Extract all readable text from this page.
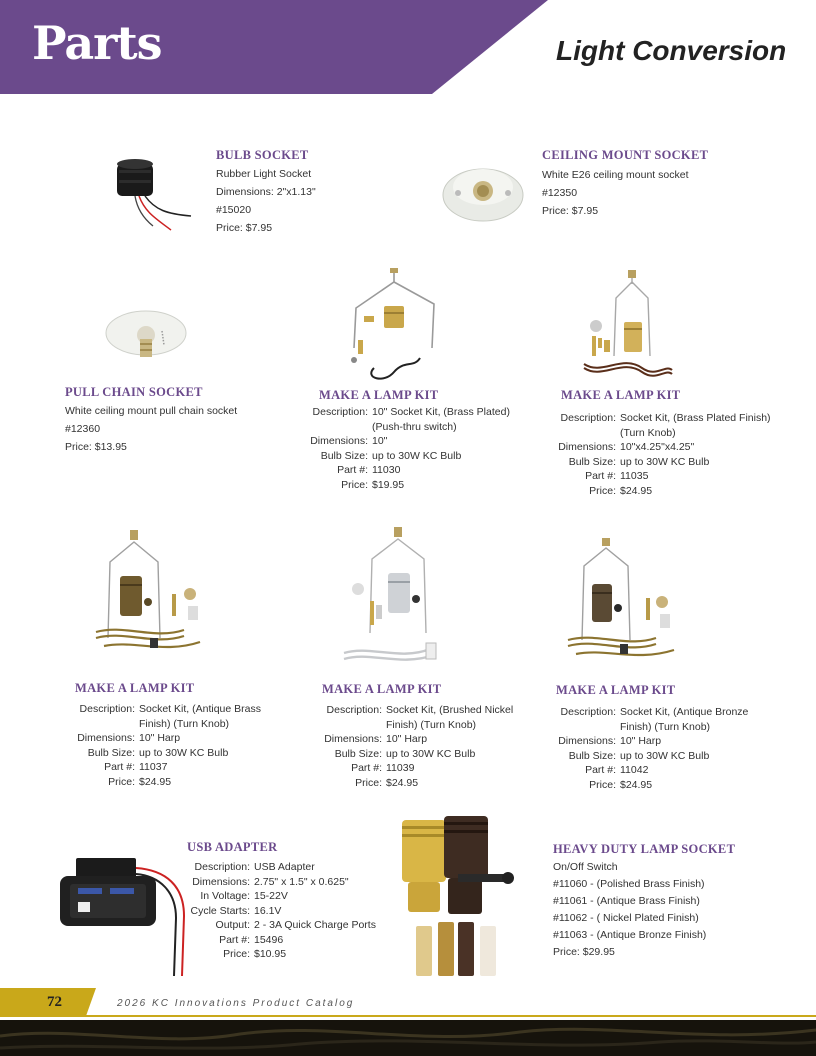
Parts	Light Conversion
BULB SOCKET
Rubber Light Socket
Dimensions: 2"x1.13"
#15020
Price: $7.95
CEILING MOUNT SOCKET
White E26 ceiling mount socket
#12350
Price: $7.95
PULL CHAIN SOCKET
White ceiling mount pull chain socket
#12360
Price: $13.95
MAKE A LAMP KIT
Description: 10" Socket Kit, (Brass Plated) (Push-thru switch)
Dimensions: 10"
Bulb Size: up to 30W KC Bulb
Part #: 11030
Price: $19.95
MAKE A LAMP KIT
Description: Socket Kit, (Brass Plated Finish) (Turn Knob)
Dimensions: 10"x4.25"x4.25"
Bulb Size: up to 30W KC Bulb
Part #: 11035
Price: $24.95
MAKE A LAMP KIT
Description: Socket Kit, (Antique Brass Finish) (Turn Knob)
Dimensions: 10" Harp
Bulb Size: up to 30W KC Bulb
Part #: 11037
Price: $24.95
MAKE A LAMP KIT
Description: Socket Kit, (Brushed Nickel Finish) (Turn Knob)
Dimensions: 10" Harp
Bulb Size: up to 30W KC Bulb
Part #: 11039
Price: $24.95
MAKE A LAMP KIT
Description: Socket Kit, (Antique Bronze Finish) (Turn Knob)
Dimensions: 10" Harp
Bulb Size: up to 30W KC Bulb
Part #: 11042
Price: $24.95
USB ADAPTER
Description: USB Adapter
Dimensions: 2.75" x 1.5" x 0.625"
In Voltage: 15-22V
Cycle Starts: 16.1V
Output: 2 - 3A Quick Charge Ports
Part #: 15496
Price: $10.95
HEAVY DUTY LAMP SOCKET
On/Off Switch
#11060 - (Polished Brass Finish)
#11061 - (Antique Brass Finish)
#11062 - ( Nickel Plated Finish)
#11063 - (Antique Bronze Finish)
Price: $29.95
72	2026 KC Innovations Product Catalog
